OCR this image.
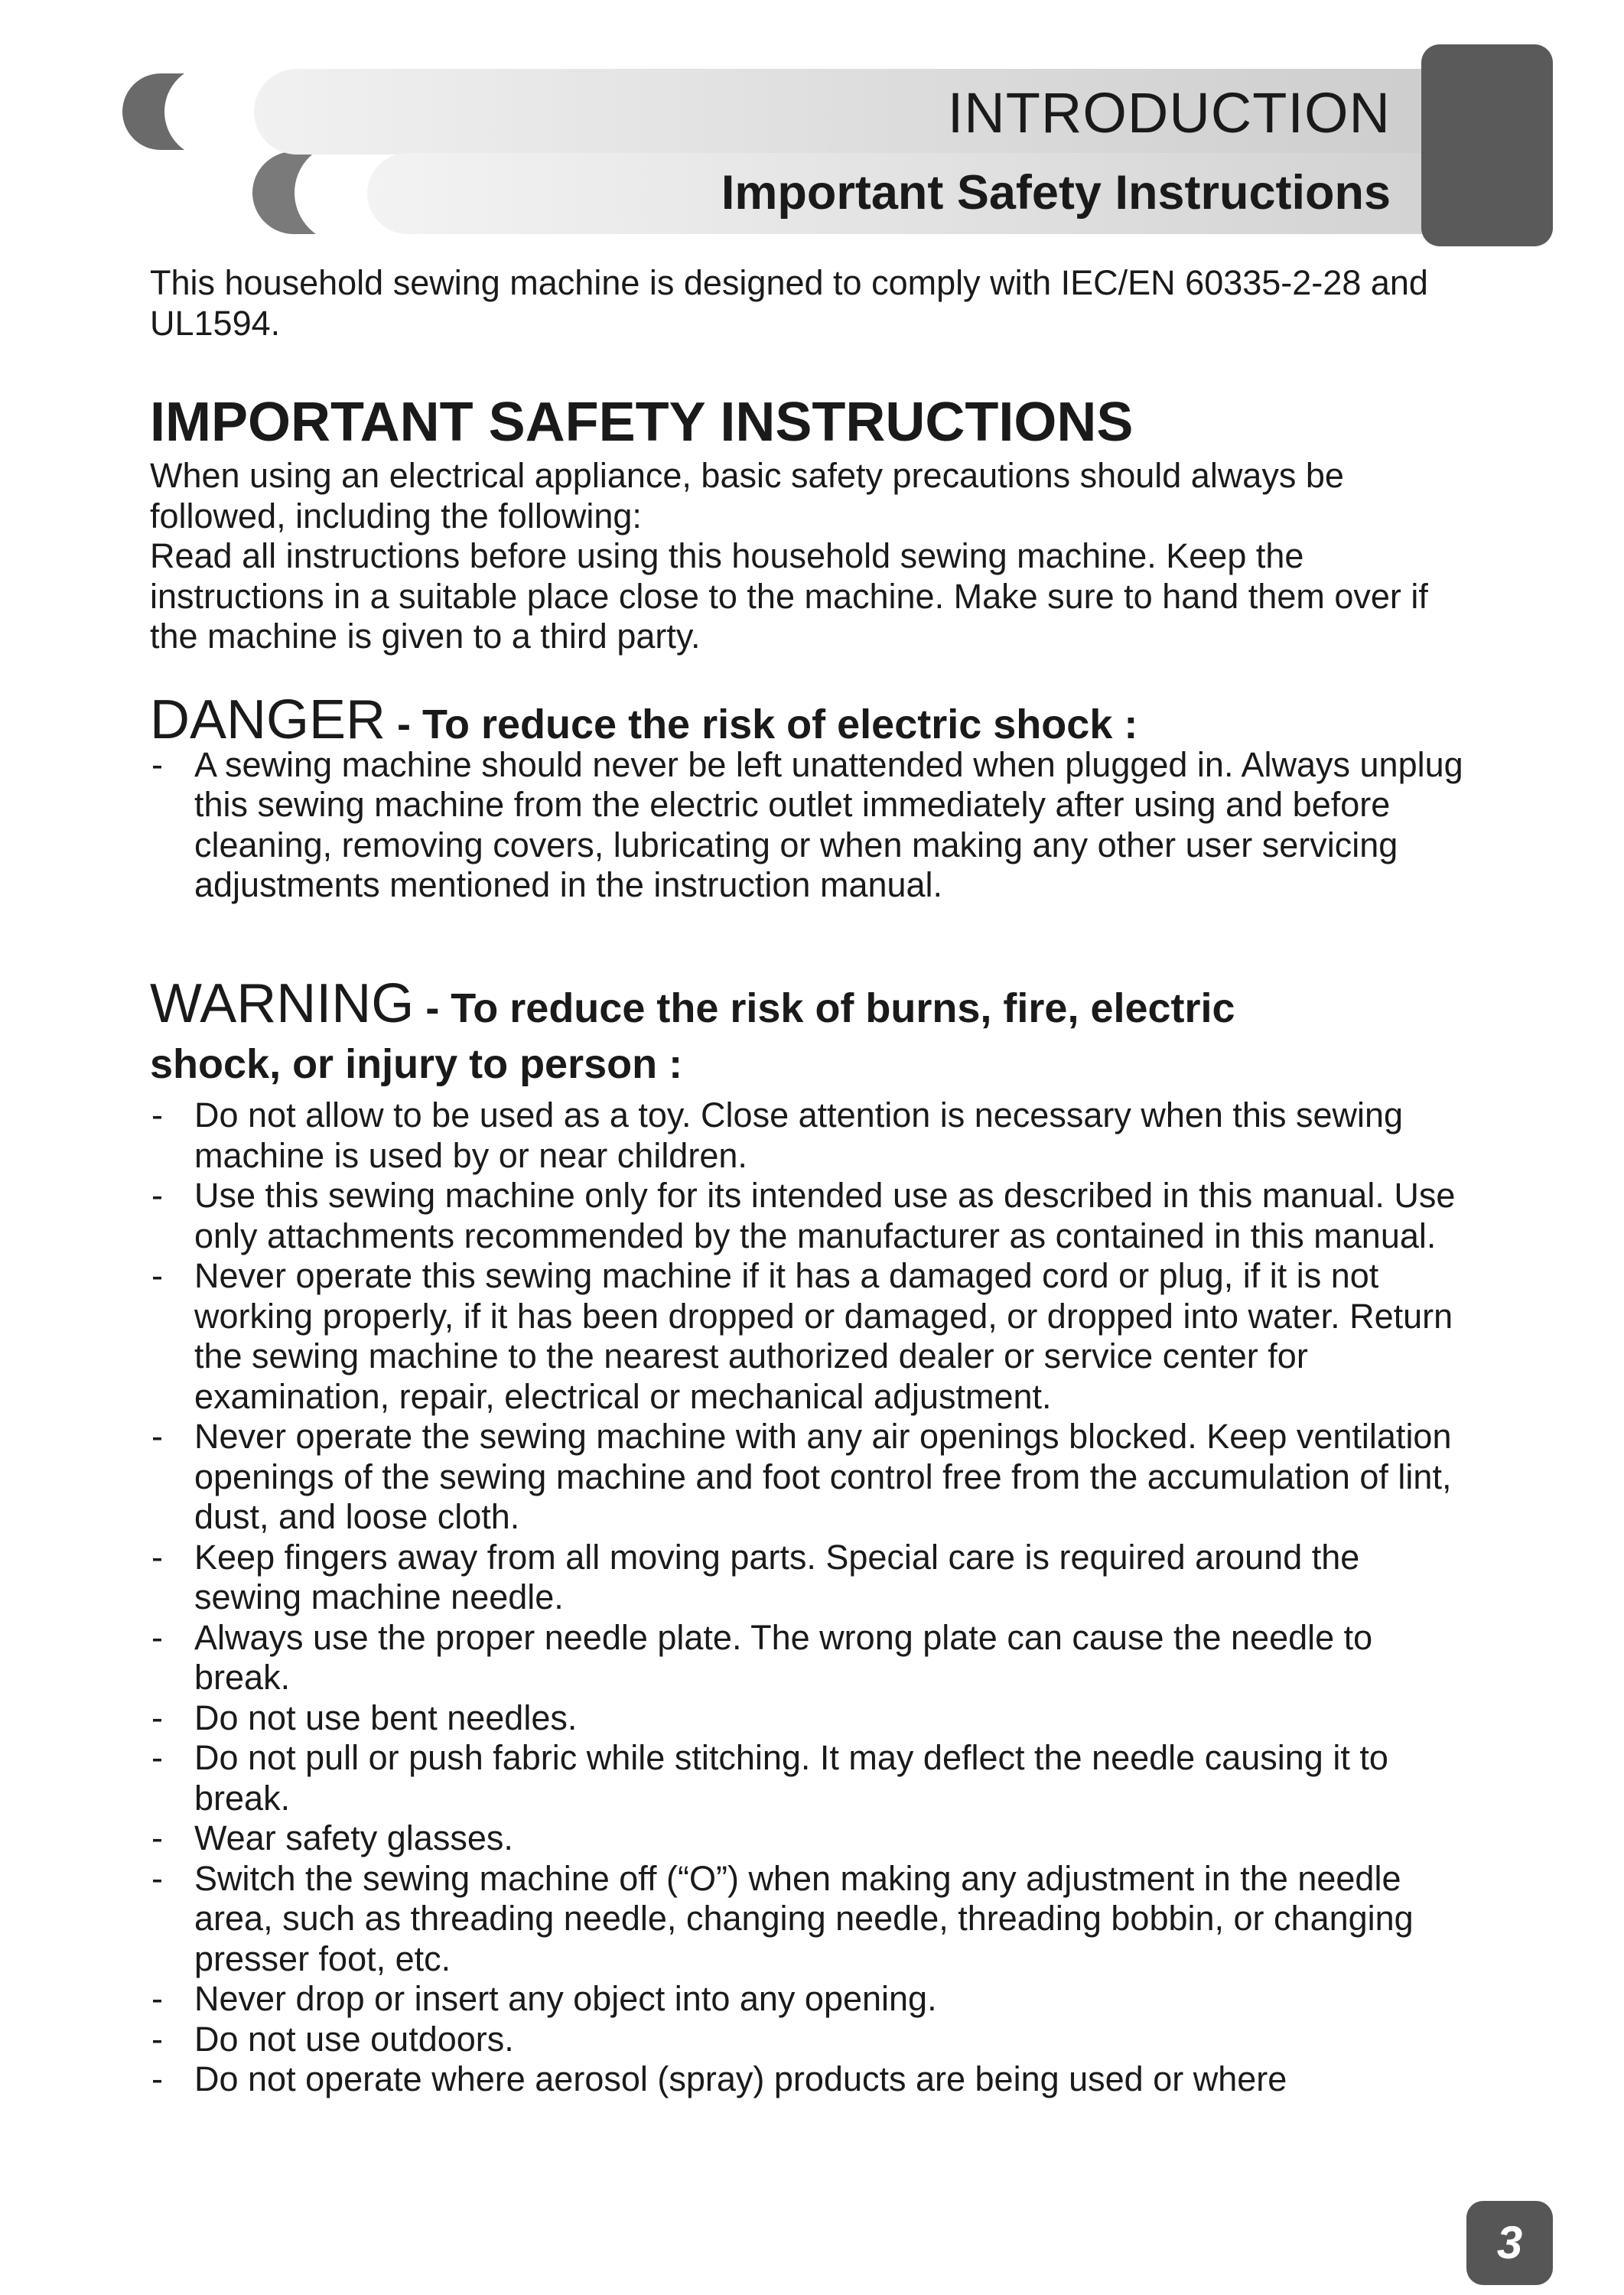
INTRODUCTION
Important Safety Instructions

This household sewing machine is designed to comply with IEC/EN 60335-2-28 and UL1594.

IMPORTANT SAFETY INSTRUCTIONS

When using an electrical appliance, basic safety precautions should always be followed, including the following:

Read all instructions before using this household sewing machine. Keep the instructions in a suitable place close to the machine. Make sure to hand them over if the machine is given to a third party.

DANGER - To reduce the risk of electric shock :
- A sewing machine should never be left unattended when plugged in. Always unplug this sewing machine from the electric outlet immediately after using and before cleaning, removing covers, lubricating or when making any other user servicing adjustments mentioned in the instruction manual.
WARNING - To reduce the risk of burns, fire, electric
shock, or injury to person :
- Do not allow to be used as a toy. Close attention is necessary when this sewing machine is used by or near children.
- Use this sewing machine only for its intended use as described in this manual. Use only attachments recommended by the manufacturer as contained in this manual.
- Never operate this sewing machine if it has a damaged cord or plug, if it is not working properly, if it has been dropped or damaged, or dropped into water. Return the sewing machine to the nearest authorized dealer or service center for examination, repair, electrical or mechanical adjustment.
- Never operate the sewing machine with any air openings blocked. Keep ventilation openings of the sewing machine and foot control free from the accumulation of lint, dust, and loose cloth.
- Keep fingers away from all moving parts. Special care is required around the sewing machine needle.
- Always use the proper needle plate. The wrong plate can cause the needle to break.
- Do not use bent needles.
- Do not pull or push fabric while stitching. It may deflect the needle causing it to break.
- Wear safety glasses.
- Switch the sewing machine off (“O”) when making any adjustment in the needle area, such as threading needle, changing needle, threading bobbin, or changing presser foot, etc.
- Never drop or insert any object into any opening.
- Do not use outdoors.
- Do not operate where aerosol (spray) products are being used or where
3
